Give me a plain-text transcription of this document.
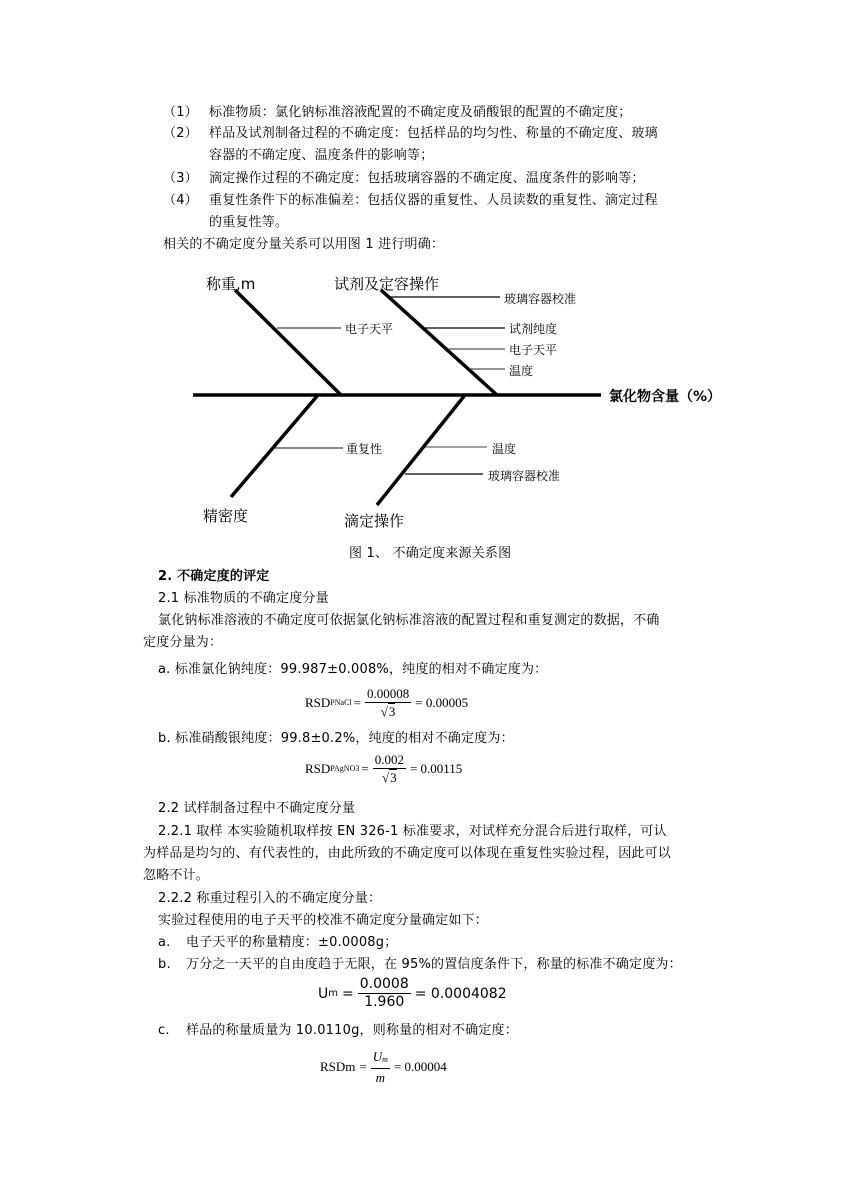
（1） 标准物质：氯化钠标准溶液配置的不确定度及硝酸银的配置的不确定度；
（2） 样品及试剂制备过程的不确定度：包括样品的均匀性、称量的不确定度、玻璃
容器的不确定度、温度条件的影响等；
（3） 滴定操作过程的不确定度：包括玻璃容器的不确定度、温度条件的影响等；
（4） 重复性条件下的标准偏差：包括仪器的重复性、人员读数的重复性、滴定过程
的重复性等。
相关的不确定度分量关系可以用图 1 进行明确：
称重,m	试剂及定容操作
精密度	滴定操作
电子天平
玻璃容器校准
试剂纯度
电子天平
温度
重复性	温度
玻璃容器校准
氯化物含量（%）
图 1、 不确定度来源关系图
2. 不确定度的评定
2.1 标准物质的不确定度分量
氯化钠标准溶液的不确定度可依据氯化钠标准溶液的配置过程和重复测定的数据，不确
定度分量为：
a. 标准氯化钠纯度：99.987±0.008%，纯度的相对不确定度为：
RSD PNaCl = $\frac{0.00008}{√3} = 0.00005$
b. 标准硝酸银纯度：99.8±0.2%，纯度的相对不确定度为：
RSD PAgNO3 = $\frac{0.002}{√3} = 0.00115$
2.2 试样制备过程中不确定度分量
2.2.1 取样 本实验随机取样按 EN 326-1 标准要求，对试样充分混合后进行取样，可认
为样品是均匀的、有代表性的，由此所致的不确定度可以体现在重复性实验过程，因此可以
忽略不计。
2.2.2 称重过程引入的不确定度分量：
实验过程使用的电子天平的校准不确定度分量确定如下：
a. 电子天平的称量精度：±0.0008g；
b. 万分之一天平的自由度趋于无限，在 95%的置信度条件下，称量的标准不确定度为：
U $m = \frac{0.0008}{1.960} = 0.0004082$
c. 样品的称量质量为 10.0110g，则称量的相对不确定度：
RSDm = $\frac{Um}{m} = 0.00004$
